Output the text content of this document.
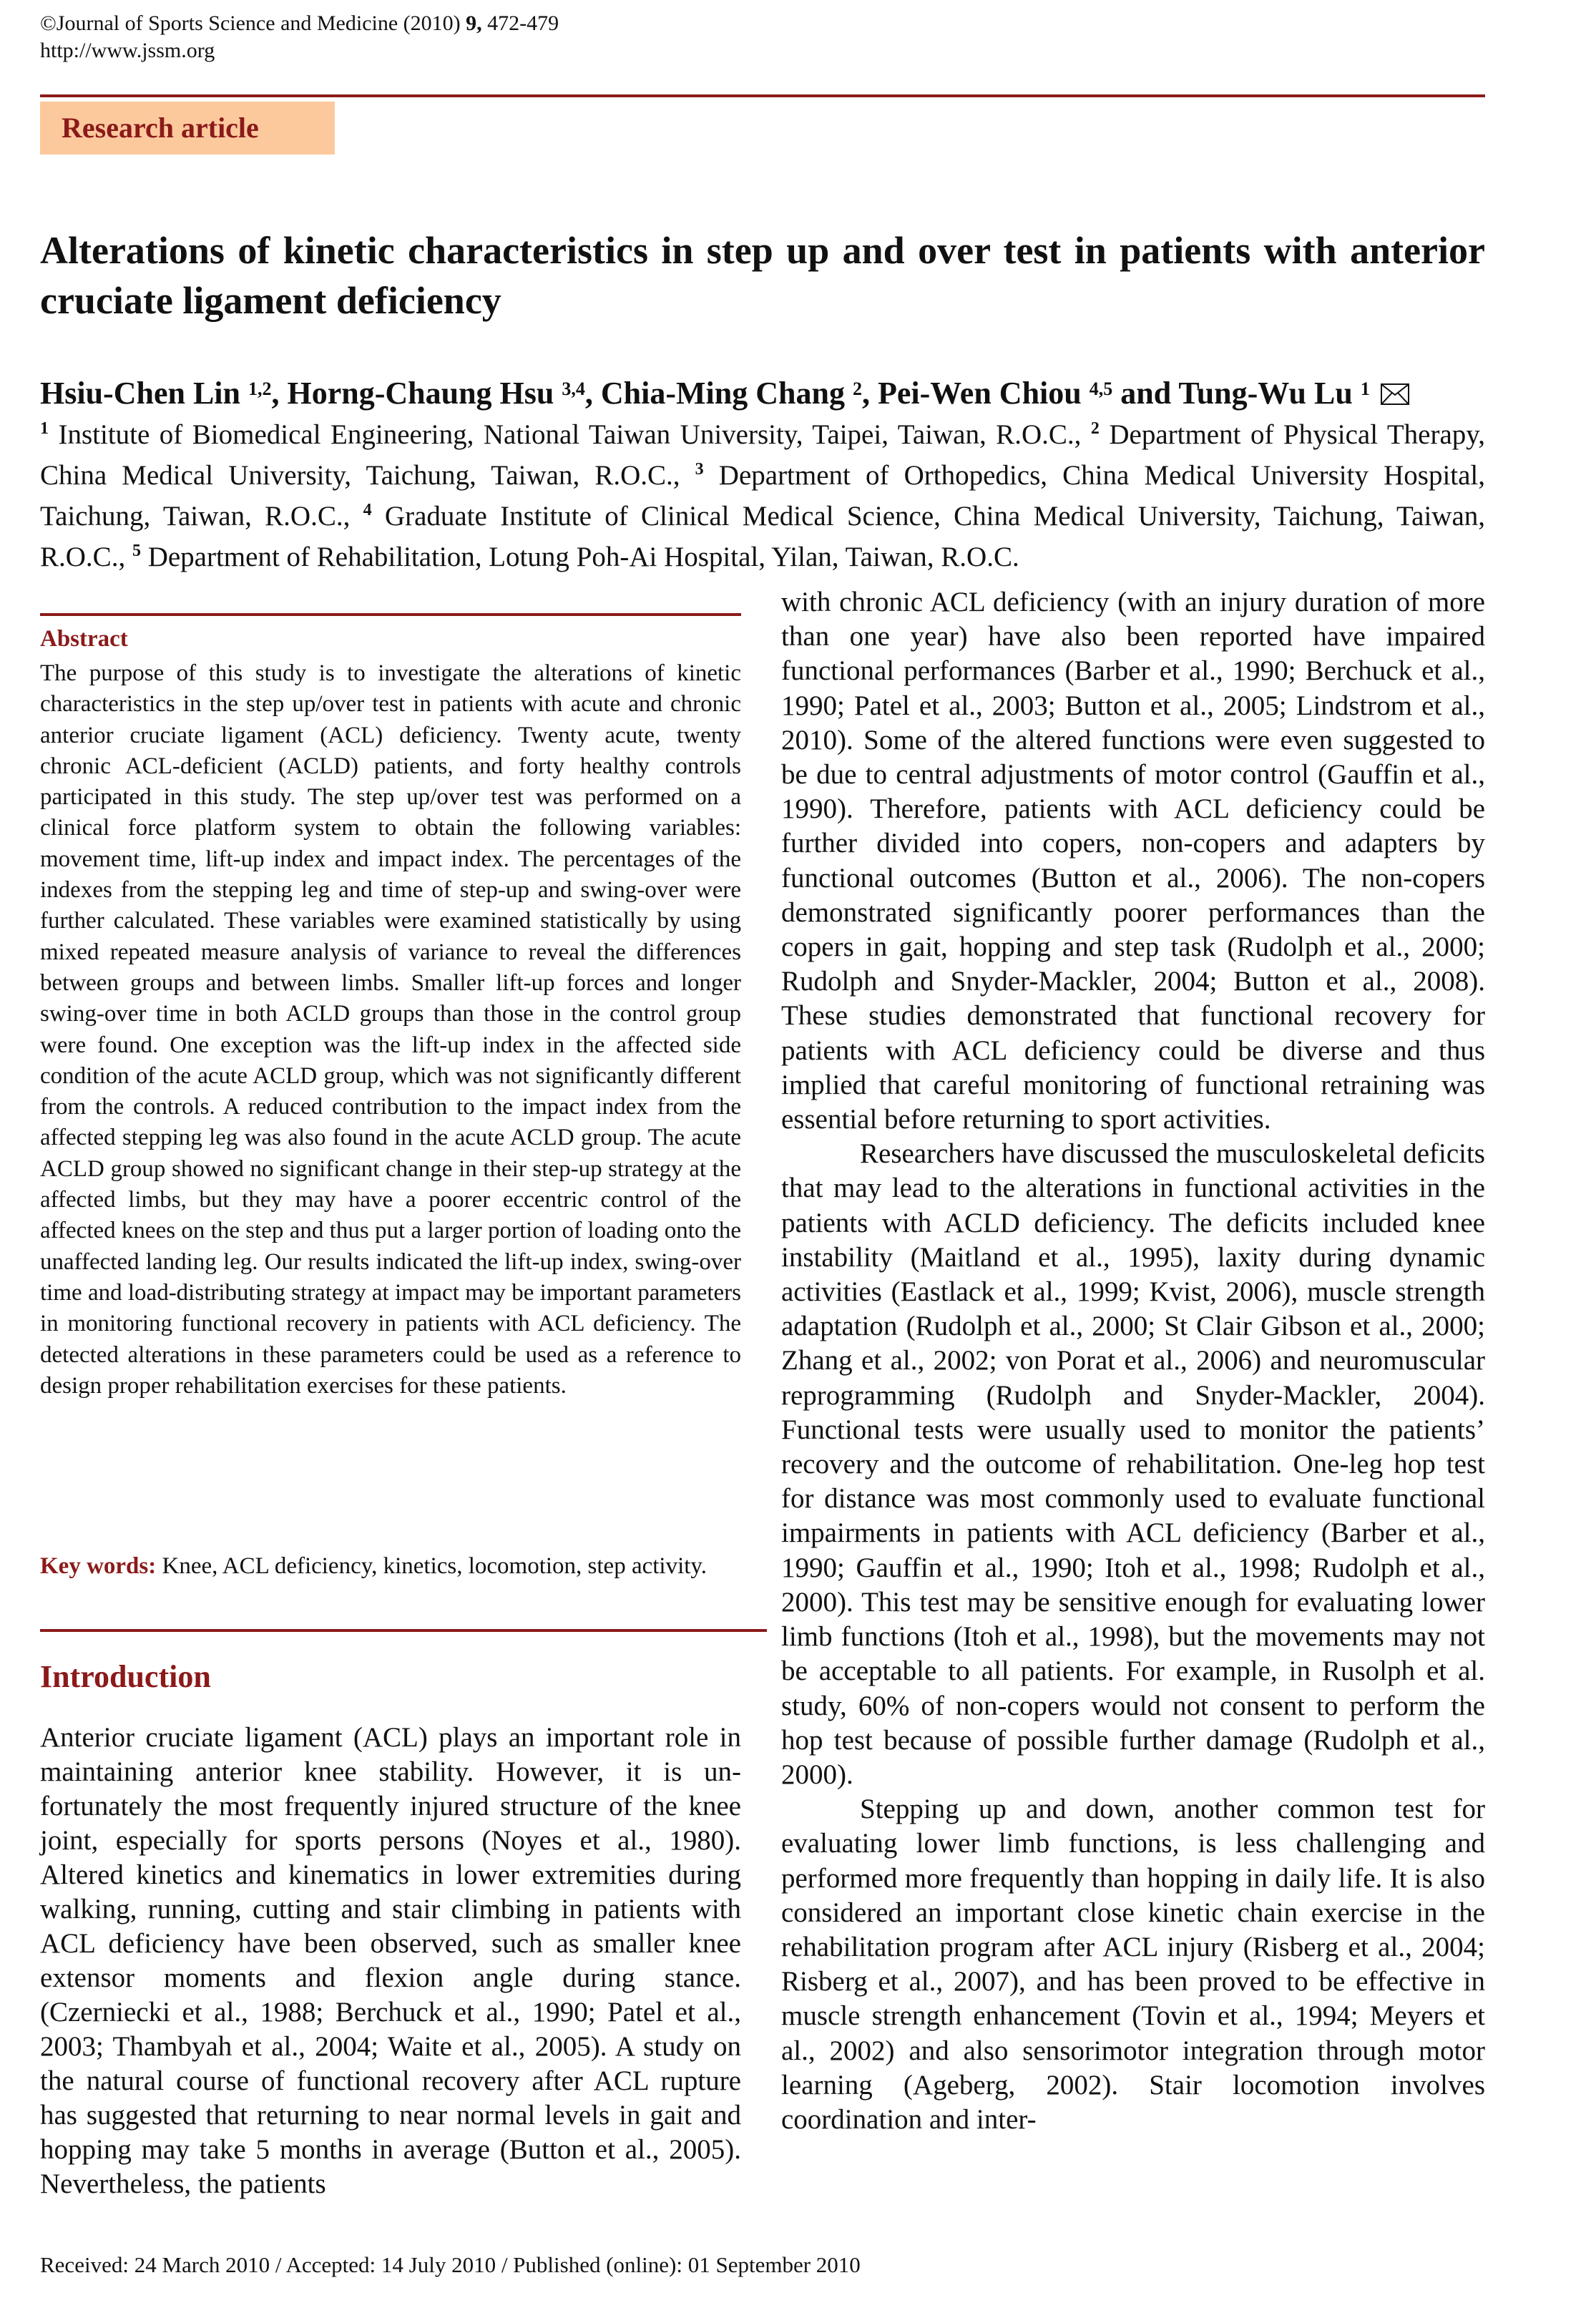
©Journal of Sports Science and Medicine (2010) 9, 472-479
http://www.jssm.org
Research article
Alterations of kinetic characteristics in step up and over test in patients with anterior cruciate ligament deficiency
Hsiu-Chen Lin $^{1,2}$, Horng-Chaung Hsu $^{3,4}$, Chia-Ming Chang $^2$, Pei-Wen Chiou $^{4,5}$ and Tung-Wu Lu $^1$
$^1$ Institute of Biomedical Engineering, National Taiwan University, Taipei, Taiwan, R.O.C., $^2$ Department of Physical Therapy, China Medical University, Taichung, Taiwan, R.O.C., $^3$ Department of Orthopedics, China Medical University Hospital, Taichung, Taiwan, R.O.C., $^4$ Graduate Institute of Clinical Medical Science, China Medical University, Taichung, Taiwan, R.O.C., $^5$ Department of Rehabilitation, Lotung Poh-Ai Hospital, Yilan, Taiwan, R.O.C.
Abstract
The purpose of this study is to investigate the alterations of kinetic characteristics in the step up/over test in patients with acute and chronic anterior cruciate ligament (ACL) deficiency. Twenty acute, twenty chronic ACL-deficient (ACLD) patients, and forty healthy controls participated in this study. The step up/over test was performed on a clinical force platform system to obtain the following variables: movement time, lift-up index and impact index. The percentages of the indexes from the stepping leg and time of step-up and swing-over were further calculated. These variables were examined statistically by using mixed repeated measure analysis of variance to reveal the differences between groups and between limbs. Smaller lift-up forces and longer swing-over time in both ACLD groups than those in the control group were found. One exception was the lift-up index in the affected side condition of the acute ACLD group, which was not significantly different from the controls. A reduced contribution to the impact index from the affected stepping leg was also found in the acute ACLD group. The acute ACLD group showed no significant change in their step-up strategy at the affected limbs, but they may have a poorer eccentric control of the affected knees on the step and thus put a larger portion of loading onto the unaffected landing leg. Our results indicated the lift-up index, swing-over time and load-distributing strategy at impact may be important parameters in monitoring functional recovery in patients with ACL deficiency. The detected alterations in these parameters could be used as a reference to design proper rehabilitation exercises for these patients.
Key words: Knee, ACL deficiency, kinetics, locomotion, step activity.
Introduction
Anterior cruciate ligament (ACL) plays an important role in maintaining anterior knee stability. However, it is unfortunately the most frequently injured structure of the knee joint, especially for sports persons (Noyes et al., 1980). Altered kinetics and kinematics in lower extremities during walking, running, cutting and stair climbing in patients with ACL deficiency have been observed, such as smaller knee extensor moments and flexion angle during stance. (Czerniecki et al., 1988; Berchuck et al., 1990; Patel et al., 2003; Thambyah et al., 2004; Waite et al., 2005). A study on the natural course of functional recovery after ACL rupture has suggested that returning to near normal levels in gait and hopping may take 5 months in average (Button et al., 2005). Nevertheless, the patients

with chronic ACL deficiency (with an injury duration of more than one year) have also been reported have impaired functional performances (Barber et al., 1990; Berchuck et al., 1990; Patel et al., 2003; Button et al., 2005; Lindstrom et al., 2010). Some of the altered functions were even suggested to be due to central adjustments of motor control (Gauffin et al., 1990). Therefore, patients with ACL deficiency could be further divided into copers, non-copers and adapters by functional outcomes (Button et al., 2006). The non-copers demonstrated significantly poorer performances than the copers in gait, hopping and step task (Rudolph et al., 2000; Rudolph and Snyder-Mackler, 2004; Button et al., 2008). These studies demonstrated that functional recovery for patients with ACL deficiency could be diverse and thus implied that careful monitoring of functional retraining was essential before returning to sport activities.

Researchers have discussed the musculoskeletal deficits that may lead to the alterations in functional activities in the patients with ACLD deficiency. The deficits included knee instability (Maitland et al., 1995), laxity during dynamic activities (Eastlack et al., 1999; Kvist, 2006), muscle strength adaptation (Rudolph et al., 2000; St Clair Gibson et al., 2000; Zhang et al., 2002; von Porat et al., 2006) and neuromuscular reprogramming (Rudolph and Snyder-Mackler, 2004). Functional tests were usually used to monitor the patients’ recovery and the outcome of rehabilitation. One-leg hop test for distance was most commonly used to evaluate functional impairments in patients with ACL deficiency (Barber et al., 1990; Gauffin et al., 1990; Itoh et al., 1998; Rudolph et al., 2000). This test may be sensitive enough for evaluating lower limb functions (Itoh et al., 1998), but the movements may not be acceptable to all patients. For example, in Rusolph et al. study, 60% of non-copers would not consent to perform the hop test because of possible further damage (Rudolph et al., 2000).

Stepping up and down, another common test for evaluating lower limb functions, is less challenging and performed more frequently than hopping in daily life. It is also considered an important close kinetic chain exercise in the rehabilitation program after ACL injury (Risberg et al., 2004; Risberg et al., 2007), and has been proved to be effective in muscle strength enhancement (Tovin et al., 1994; Meyers et al., 2002) and also sensorimotor integration through motor learning (Ageberg, 2002). Stair locomotion involves coordination and inter-

Received: 24 March 2010 / Accepted: 14 July 2010 / Published (online): 01 September 2010
